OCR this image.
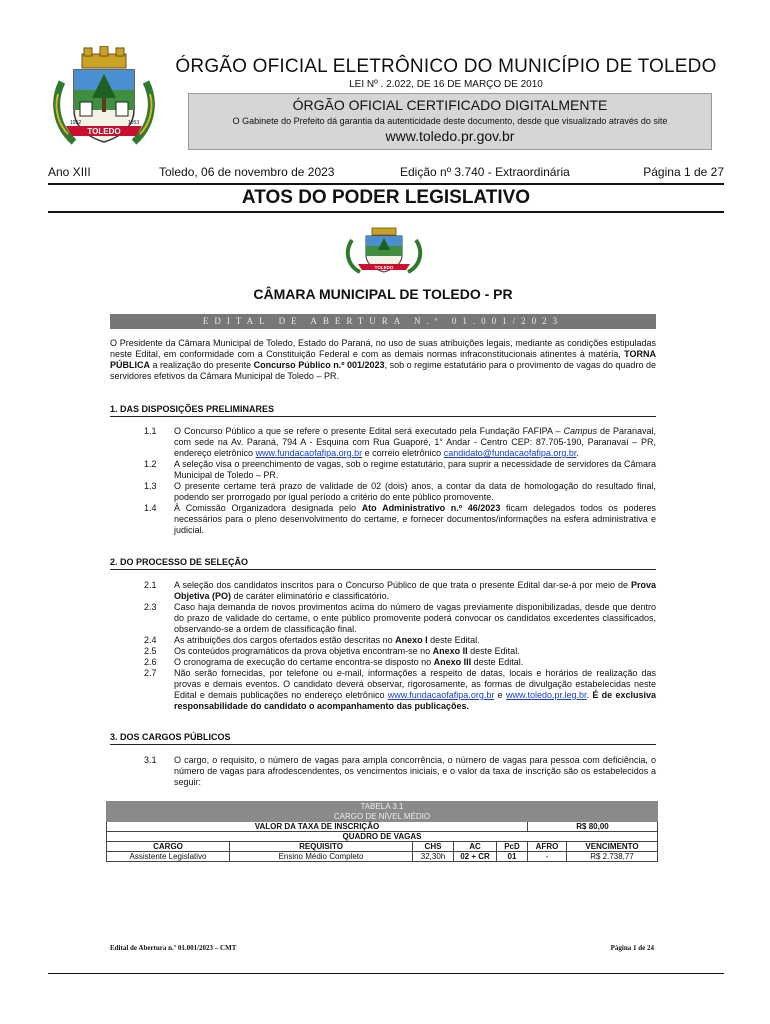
TOLEDO
1952	1953
ÓRGÃO OFICIAL ELETRÔNICO DO MUNICÍPIO DE TOLEDO
LEI Nº . 2.022, DE 16 DE MARÇO DE 2010
ÓRGÃO OFICIAL CERTIFICADO DIGITALMENTE
O Gabinete do Prefeito dá garantia da autenticidade deste documento, desde que visualizado através do site
www.toledo.pr.gov.br
Ano XIII	Toledo, 06 de novembro de 2023	Edição nº 3.740 - Extraordinária	Página 1 de 27
ATOS DO PODER LEGISLATIVO
TOLEDO
CÂMARA MUNICIPAL DE TOLEDO - PR
EDITAL DE ABERTURA N.º 01.001/2023
O Presidente da Câmara Municipal de Toledo, Estado do Paraná, no uso de suas atribuições legais, mediante as condições estipuladas neste Edital, em conformidade com a Constituição Federal e com as demais normas infraconstitucionais atinentes à matéria, TORNA PÚBLICA a realização do presente Concurso Público n.º 001/2023, sob o regime estatutário para o provimento de vagas do quadro de servidores efetivos da Câmara Municipal de Toledo – PR.
1. DAS DISPOSIÇÕES PRELIMINARES
1.1	O Concurso Público a que se refere o presente Edital será executado pela Fundação FAFIPA – Campus de Paranaval, com sede na Av. Paraná, 794 A - Esquina com Rua Guaporé, 1° Andar - Centro CEP: 87.705-190, Paranavaí – PR, endereço eletrônico www.fundacaofafipa.org.br e correio eletrônico candidato@fundacaofafipa.org.br.
1.2	A seleção visa o preenchimento de vagas, sob o regime estatutário, para suprir a necessidade de servidores da Câmara Municipal de Toledo – PR.
1.3	O presente certame terá prazo de validade de 02 (dois) anos, a contar da data de homologação do resultado final, podendo ser prorrogado por igual período a critério do ente público promovente.
1.4	À Comissão Organizadora designada pelo Ato Administrativo n.º 46/2023 ficam delegados todos os poderes necessários para o pleno desenvolvimento do certame, e fornecer documentos/informações na esfera administrativa e judicial.
2. DO PROCESSO DE SELEÇÃO
2.1	A seleção dos candidatos inscritos para o Concurso Público de que trata o presente Edital dar-se-á por meio de Prova Objetiva (PO) de caráter eliminatório e classificatório.
2.3	Caso haja demanda de novos provimentos acima do número de vagas previamente disponibilizadas, desde que dentro do prazo de validade do certame, o ente público promovente poderá convocar os candidatos excedentes classificados, observando-se a ordem de classificação final.
2.4	As atribuições dos cargos ofertados estão descritas no Anexo I deste Edital.
2.5	Os conteúdos programáticos da prova objetiva encontram-se no Anexo II deste Edital.
2.6	O cronograma de execução do certame encontra-se disposto no Anexo III deste Edital.
2.7	Não serão fornecidas, por telefone ou e-mail, informações a respeito de datas, locais e horários de realização das provas e demais eventos. O candidato deverá observar, rigorosamente, as formas de divulgação estabelecidas neste Edital e demais publicações no endereço eletrônico www.fundacaofafipa.org.br e www.toledo.pr.leg.br. É de exclusiva responsabilidade do candidato o acompanhamento das publicações.
3. DOS CARGOS PÚBLICOS
3.1	O cargo, o requisito, o número de vagas para ampla concorrência, o número de vagas para pessoa com deficiência, o número de vagas para afrodescendentes, os vencimentos iniciais, e o valor da taxa de inscrição são os estabelecidos a seguir:
TABELA 3.1						
CARGO DE NÍVEL MÉDIO						
VALOR DA TAXA DE INSCRIÇÃO					R$ 80,00	
QUADRO DE VAGAS						
CARGO	REQUISITO	CHS	AC	PcD	AFRO	VENCIMENTO
Assistente Legislativo	Ensino Médio Completo	32,30h	02 + CR	01	-	R$ 2.738,77
Edital de Abertura n.º 01.001/2023 – CMT	Página 1 de 24
